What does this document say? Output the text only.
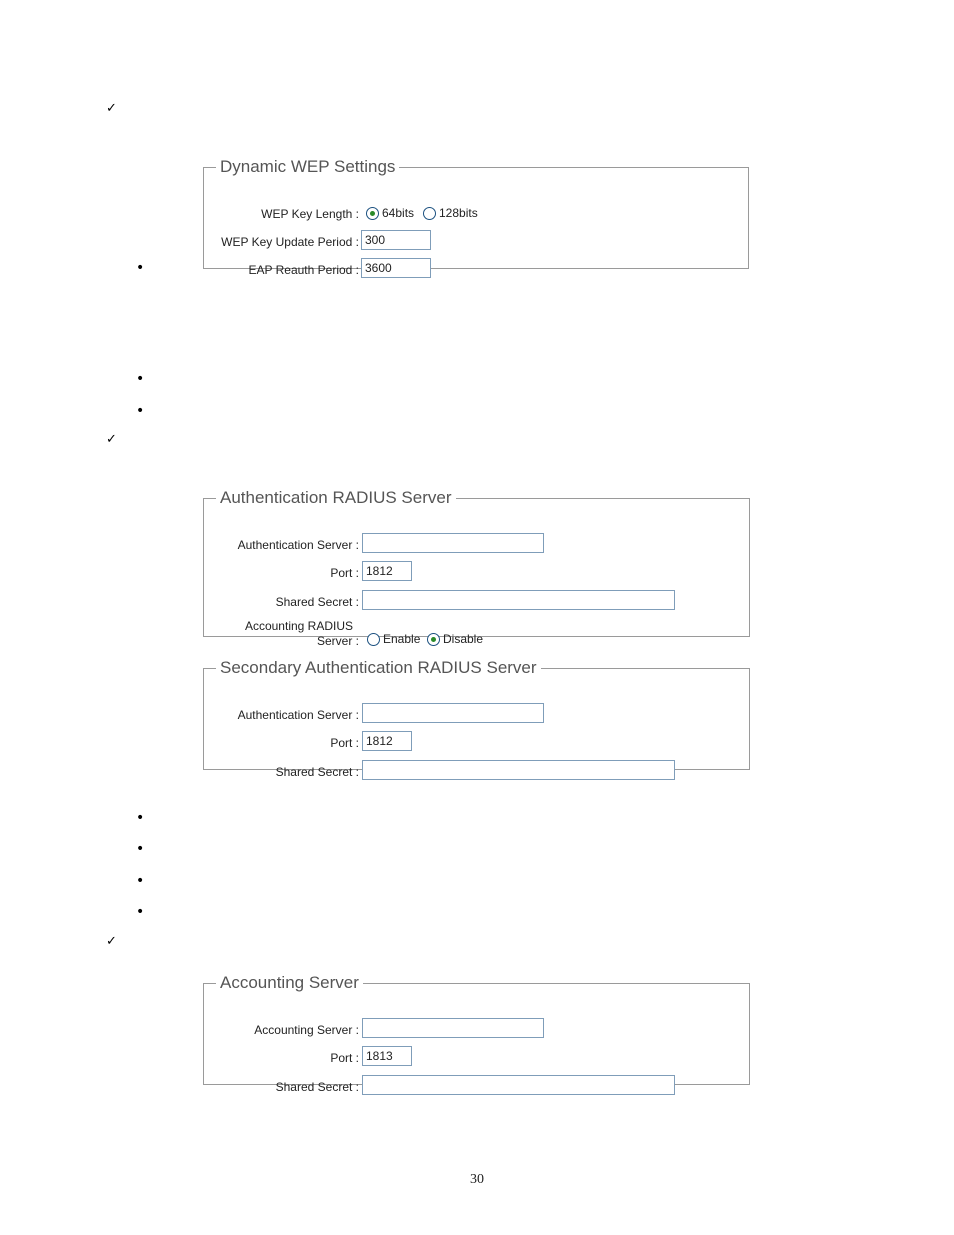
✓
•
•
•
✓
•
•
•
•
✓
Dynamic WEP Settings
WEP Key Length : 64bits 128bits
WEP Key Update Period : 300
EAP Reauth Period : 3600
Authentication RADIUS Server
Authentication Server :
Port : 1812
Shared Secret :
Accounting RADIUS
Server : Enable Disable
Secondary Authentication RADIUS Server
Authentication Server :
Port : 1812
Shared Secret :
Accounting Server
Accounting Server :
Port : 1813
Shared Secret :
30
